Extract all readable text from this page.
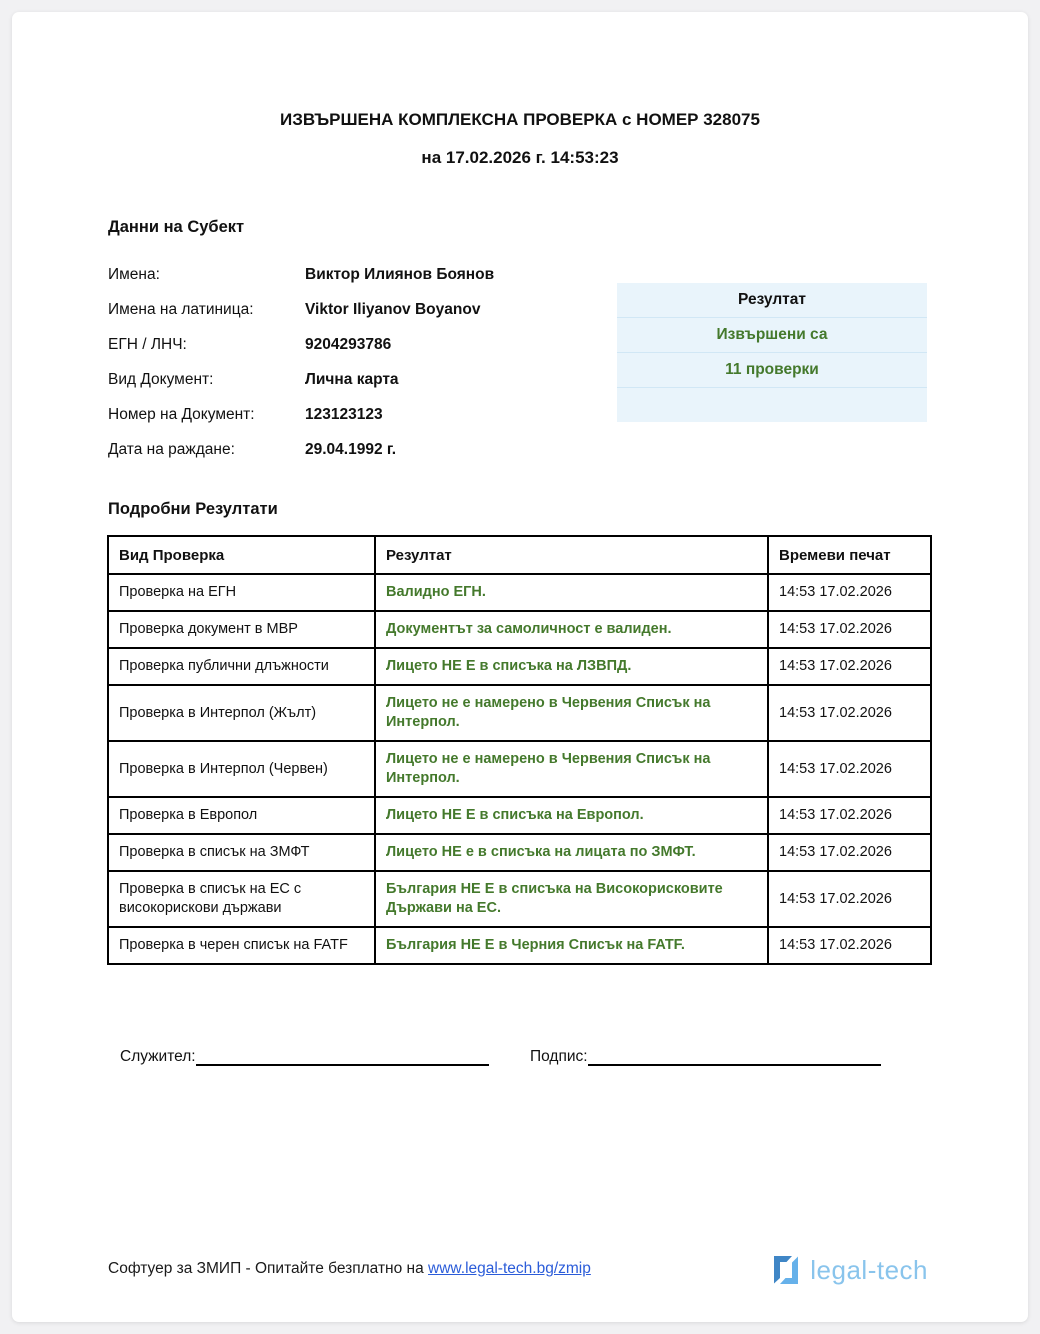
ИЗВЪРШЕНА КОМПЛЕКСНА ПРОВЕРКА с НОМЕР 328075
на 17.02.2026 г. 14:53:23
Данни на Субект
Имена:	Виктор Илиянов Боянов
Имена на латиница:	Viktor Iliyanov Boyanov
ЕГН / ЛНЧ:	9204293786
Вид Документ:	Лична карта
Номер на Документ:	123123123
Дата на раждане:	29.04.1992 г.
Резултат
Извършени са
11 проверки
Подробни Резултати
Вид Проверка	Резултат	Времеви печат
Проверка на ЕГН	Валидно ЕГН.	14:53 17.02.2026
Проверка документ в МВР	Документът за самоличност е валиден.	14:53 17.02.2026
Проверка публични длъжности	Лицето НЕ Е в списъка на ЛЗВПД.	14:53 17.02.2026
Проверка в Интерпол (Жълт)	Лицето не е намерено в Червения Списък на Интерпол.	14:53 17.02.2026
Проверка в Интерпол (Червен)	Лицето не е намерено в Червения Списък на Интерпол.	14:53 17.02.2026
Проверка в Европол	Лицето НЕ Е в списъка на Европол.	14:53 17.02.2026
Проверка в списък на ЗМФТ	Лицето НЕ е в списъка на лицата по ЗМФТ.	14:53 17.02.2026
Проверка в списък на ЕС с високорискови държави	България НЕ Е в списъка на Високорисковите Държави на ЕС.	14:53 17.02.2026
Проверка в черен списък на FATF	България НЕ Е в Черния Списък на FATF.	14:53 17.02.2026
Служител:	Подпис:
Софтуер за ЗМИП - Опитайте безплатно на www.legal-tech.bg/zmip	legal-tech
